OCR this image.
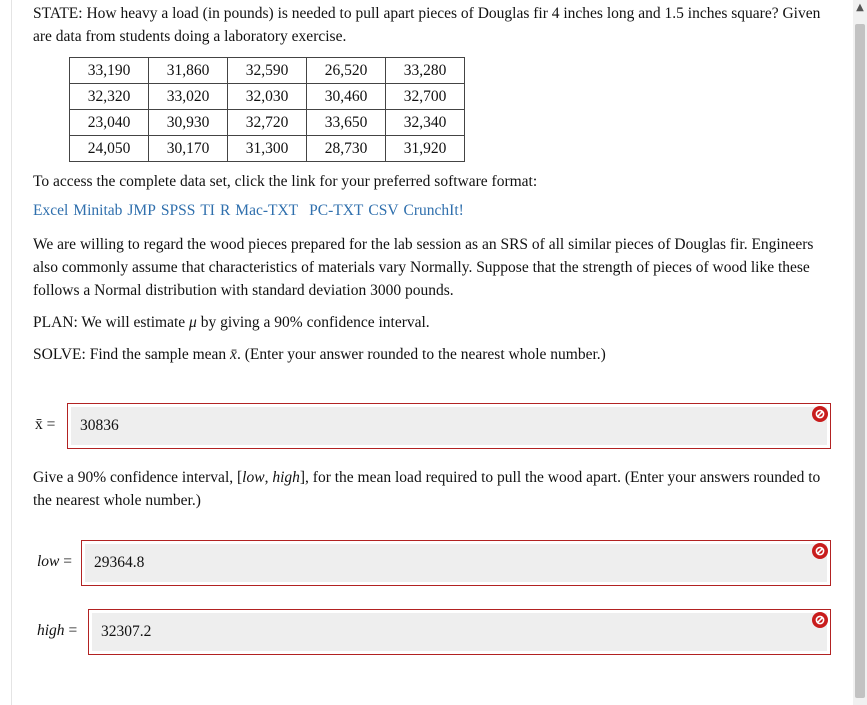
▲

STATE: How heavy a load (in pounds) is needed to pull apart pieces of Douglas fir 4 inches long and 1.5 inches square? Given are data from students doing a laboratory exercise.

33,190	31,860	32,590	26,520	33,280
32,320	33,020	32,030	30,460	32,700
23,040	30,930	32,720	33,650	32,340
24,050	30,170	31,300	28,730	31,920

To access the complete data set, click the link for your preferred software format:

Excel Minitab JMP SPSS TI R Mac-TXT PC-TXT CSV CrunchIt!

We are willing to regard the wood pieces prepared for the lab session as an SRS of all similar pieces of Douglas fir. Engineers also commonly assume that characteristics of materials vary Normally. Suppose that the strength of pieces of wood like these follows a Normal distribution with standard deviation 3000 pounds.

PLAN: We will estimate μ by giving a 90% confidence interval.

SOLVE: Find the sample mean x̄. (Enter your answer rounded to the nearest whole number.)

x̄ =	30836

Give a 90% confidence interval, [low, high], for the mean load required to pull the wood apart. (Enter your answers rounded to the nearest whole number.)

low =	29364.8
high =	32307.2
